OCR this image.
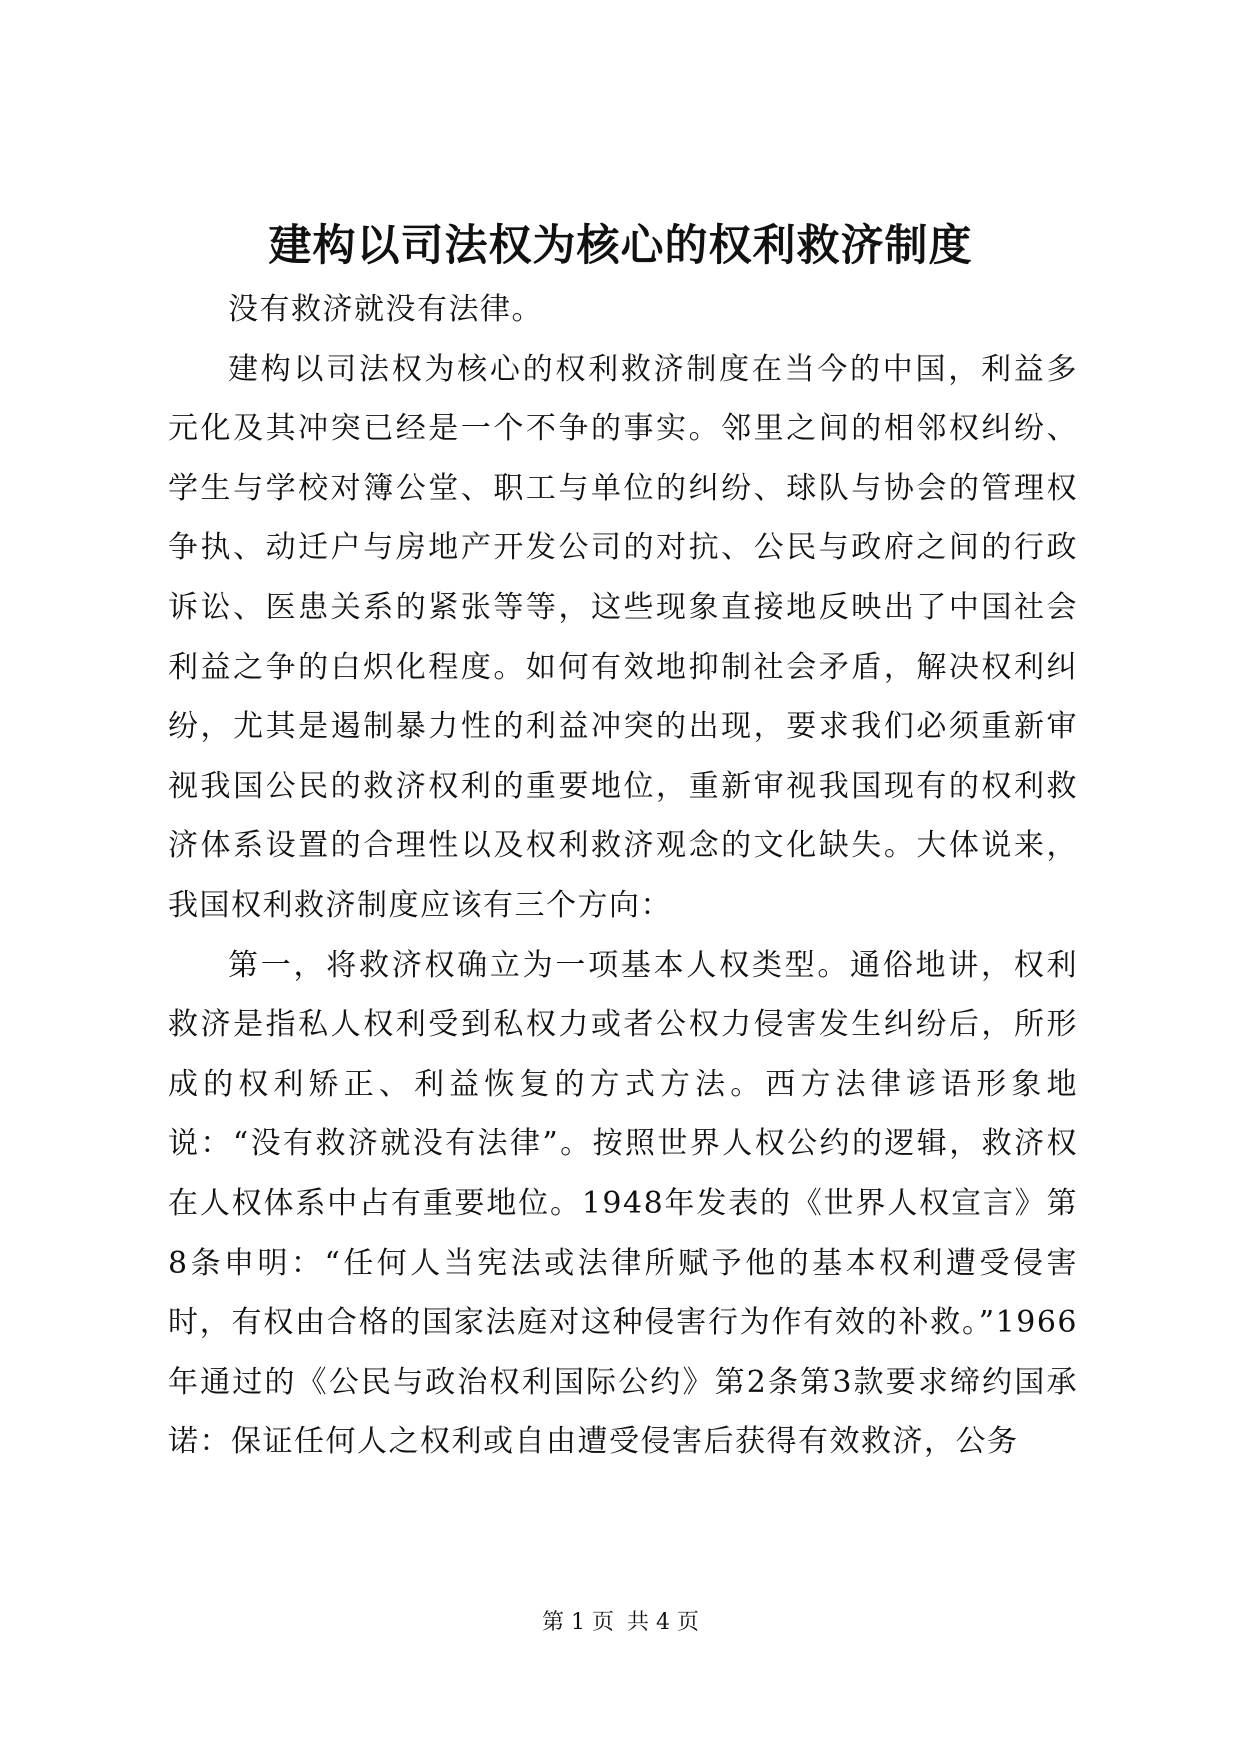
建构以司法权为核心的权利救济制度

没有救济就没有法律。

建构以司法权为核心的权利救济制度在当今的中国，利益多元化及其冲突已经是一个不争的事实。邻里之间的相邻权纠纷、学生与学校对簿公堂、职工与单位的纠纷、球队与协会的管理权争执、动迁户与房地产开发公司的对抗、公民与政府之间的行政诉讼、医患关系的紧张等等，这些现象直接地反映出了中国社会利益之争的白炽化程度。如何有效地抑制社会矛盾，解决权利纠纷，尤其是遏制暴力性的利益冲突的出现，要求我们必须重新审视我国公民的救济权利的重要地位，重新审视我国现有的权利救济体系设置的合理性以及权利救济观念的文化缺失。大体说来，我国权利救济制度应该有三个方向：

第一，将救济权确立为一项基本人权类型。通俗地讲，权利救济是指私人权利受到私权力或者公权力侵害发生纠纷后，所形成的权利矫正、利益恢复的方式方法。西方法律谚语形象地说：“没有救济就没有法律”。按照世界人权公约的逻辑，救济权在人权体系中占有重要地位。1948年发表的《世界人权宣言》第8条申明：“任何人当宪法或法律所赋予他的基本权利遭受侵害时，有权由合格的国家法庭对这种侵害行为作有效的补救。”1966年通过的《公民与政治权利国际公约》第2条第3款要求缔约国承诺：保证任何人之权利或自由遭受侵害后获得有效救济，公务

第 1 页 共 4 页
